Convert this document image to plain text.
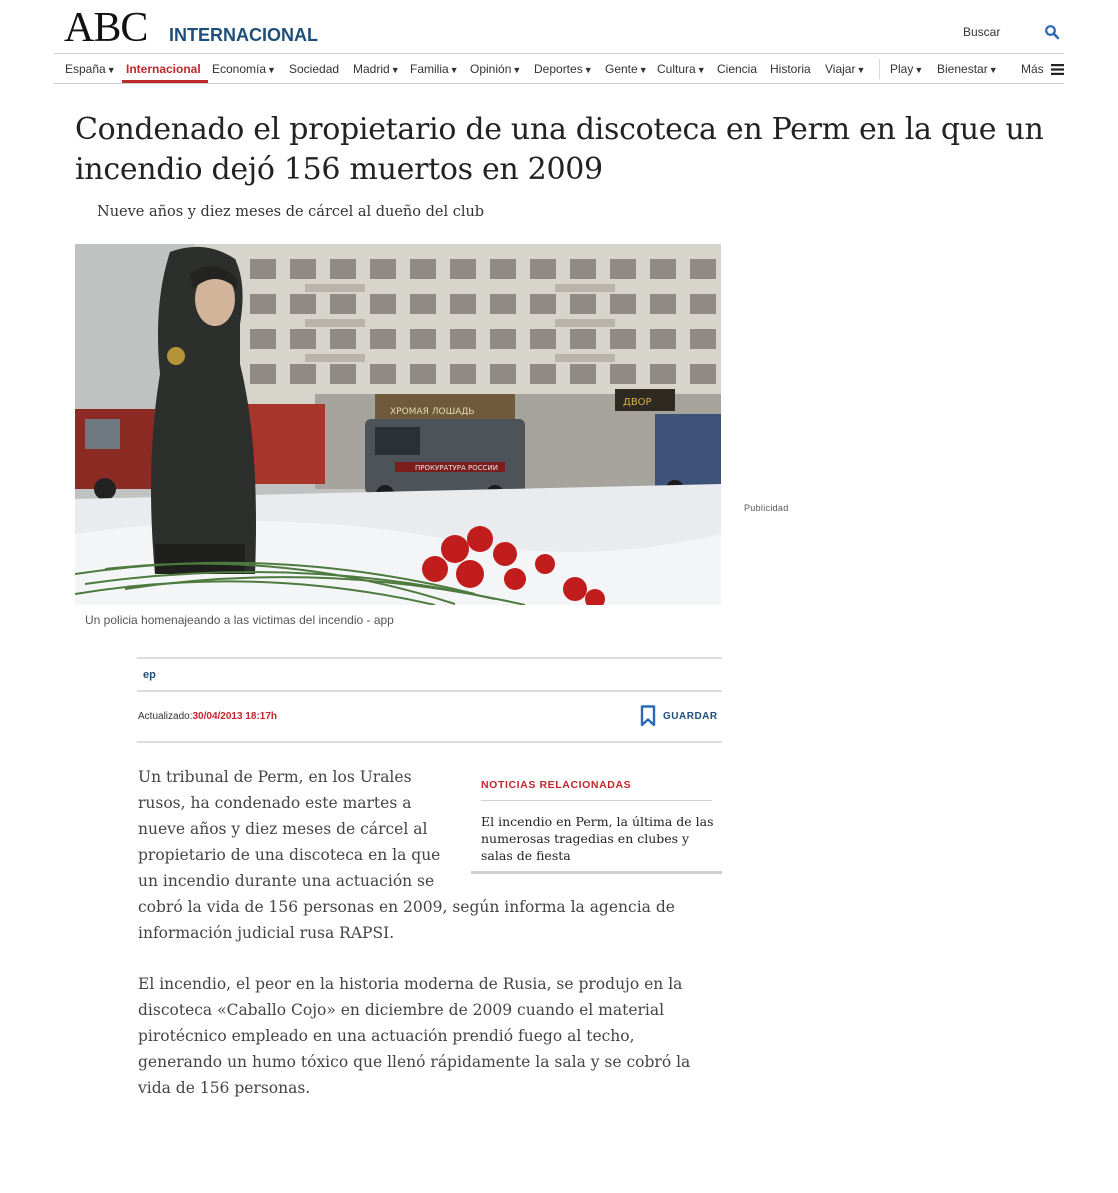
ABC INTERNACIONAL	Buscar
España▼ Internacional Economía▼ Sociedad Madrid▼ Familia▼ Opinión▼ Deportes▼ Gente▼ Cultura▼ Ciencia Historia Viajar▼ Play▼ Bienestar▼ Más
Condenado el propietario de una discoteca en Perm en la que un incendio dejó 156 muertos en 2009
Nueve años y diez meses de cárcel al dueño del club
ХРОМАЯ ЛОШАДЬ
ДВОР
ПРОКУРАТУРА РОССИИ
Un policia homenajeando a las victimas del incendio - app
Publicidad
ep
Actualizado:30/04/2013 18:17h	GUARDAR

Un tribunal de Perm, en los Urales rusos, ha condenado este martes a nueve años y diez meses de cárcel al propietario de una discoteca en la que un incendio durante una actuación se

cobró la vida de 156 personas en 2009, según informa la agencia de información judicial rusa RAPSI.

El incendio, el peor en la historia moderna de Rusia, se produjo en la discoteca «Caballo Cojo» en diciembre de 2009 cuando el material pirotécnico empleado en una actuación prendió fuego al techo, generando un humo tóxico que llenó rápidamente la sala y se cobró la vida de 156 personas.

NOTICIAS RELACIONADAS
El incendio en Perm, la última de las numerosas tragedias en clubes y salas de fiesta
